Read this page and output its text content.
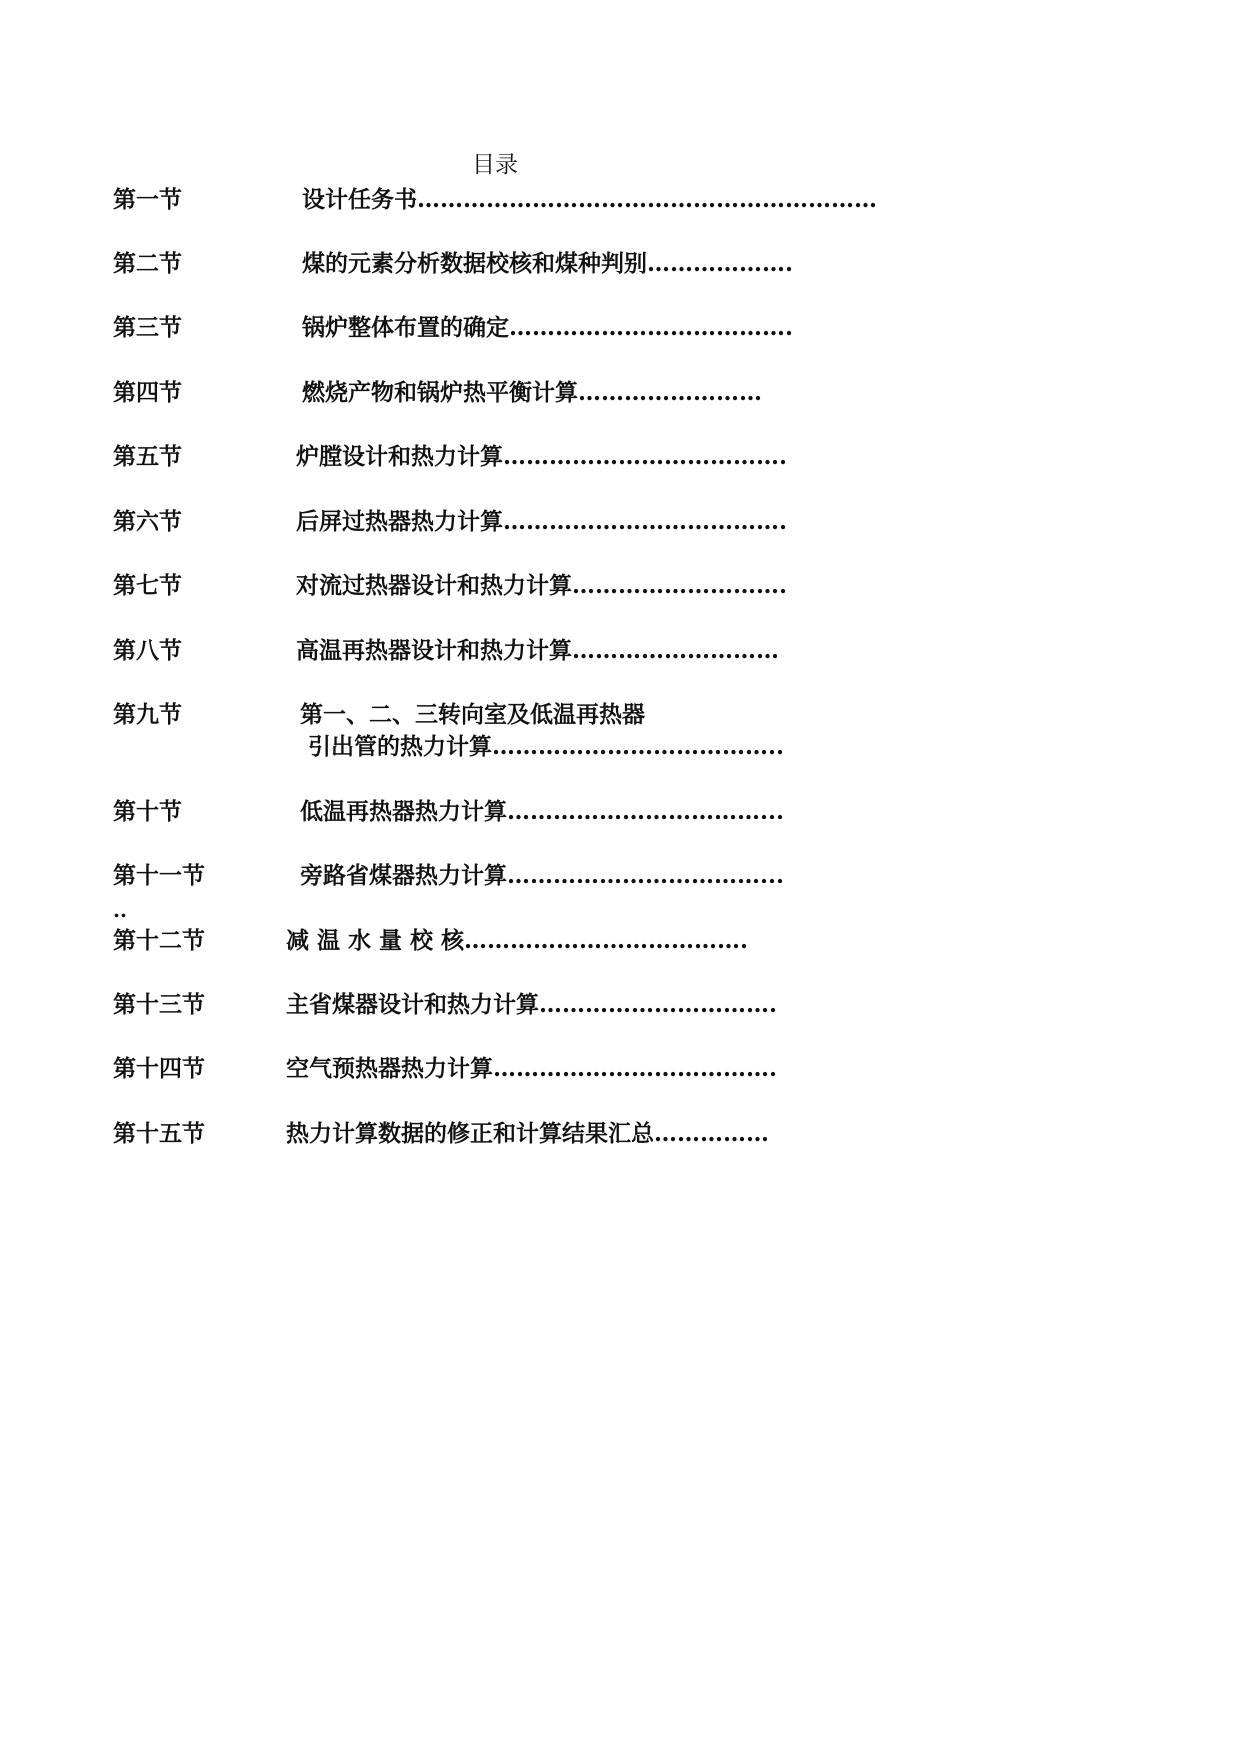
目录
第一节	设计任务书……………………………………………………
第二节	煤的元素分析数据校核和煤种判别……………….
第三节	锅炉整体布置的确定……………………………….
第四节	燃烧产物和锅炉热平衡计算……………………
第五节	炉膛设计和热力计算……………………………….
第六节	后屏过热器热力计算……………………………….
第七节	对流过热器设计和热力计算……………………….
第八节	高温再热器设计和热力计算………………………
第九节	第一、二、三转向室及低温再热器
引出管的热力计算………………………………..
第十节	低温再热器热力计算……………………………...
第十一节	旁路省煤器热力计算……………………………...
..
第十二节	减 温 水 量 校 核……………………………….
第十三节	主省煤器设计和热力计算………………………….
第十四节	空气预热器热力计算……………………………….
第十五节	热力计算数据的修正和计算结果汇总……………
